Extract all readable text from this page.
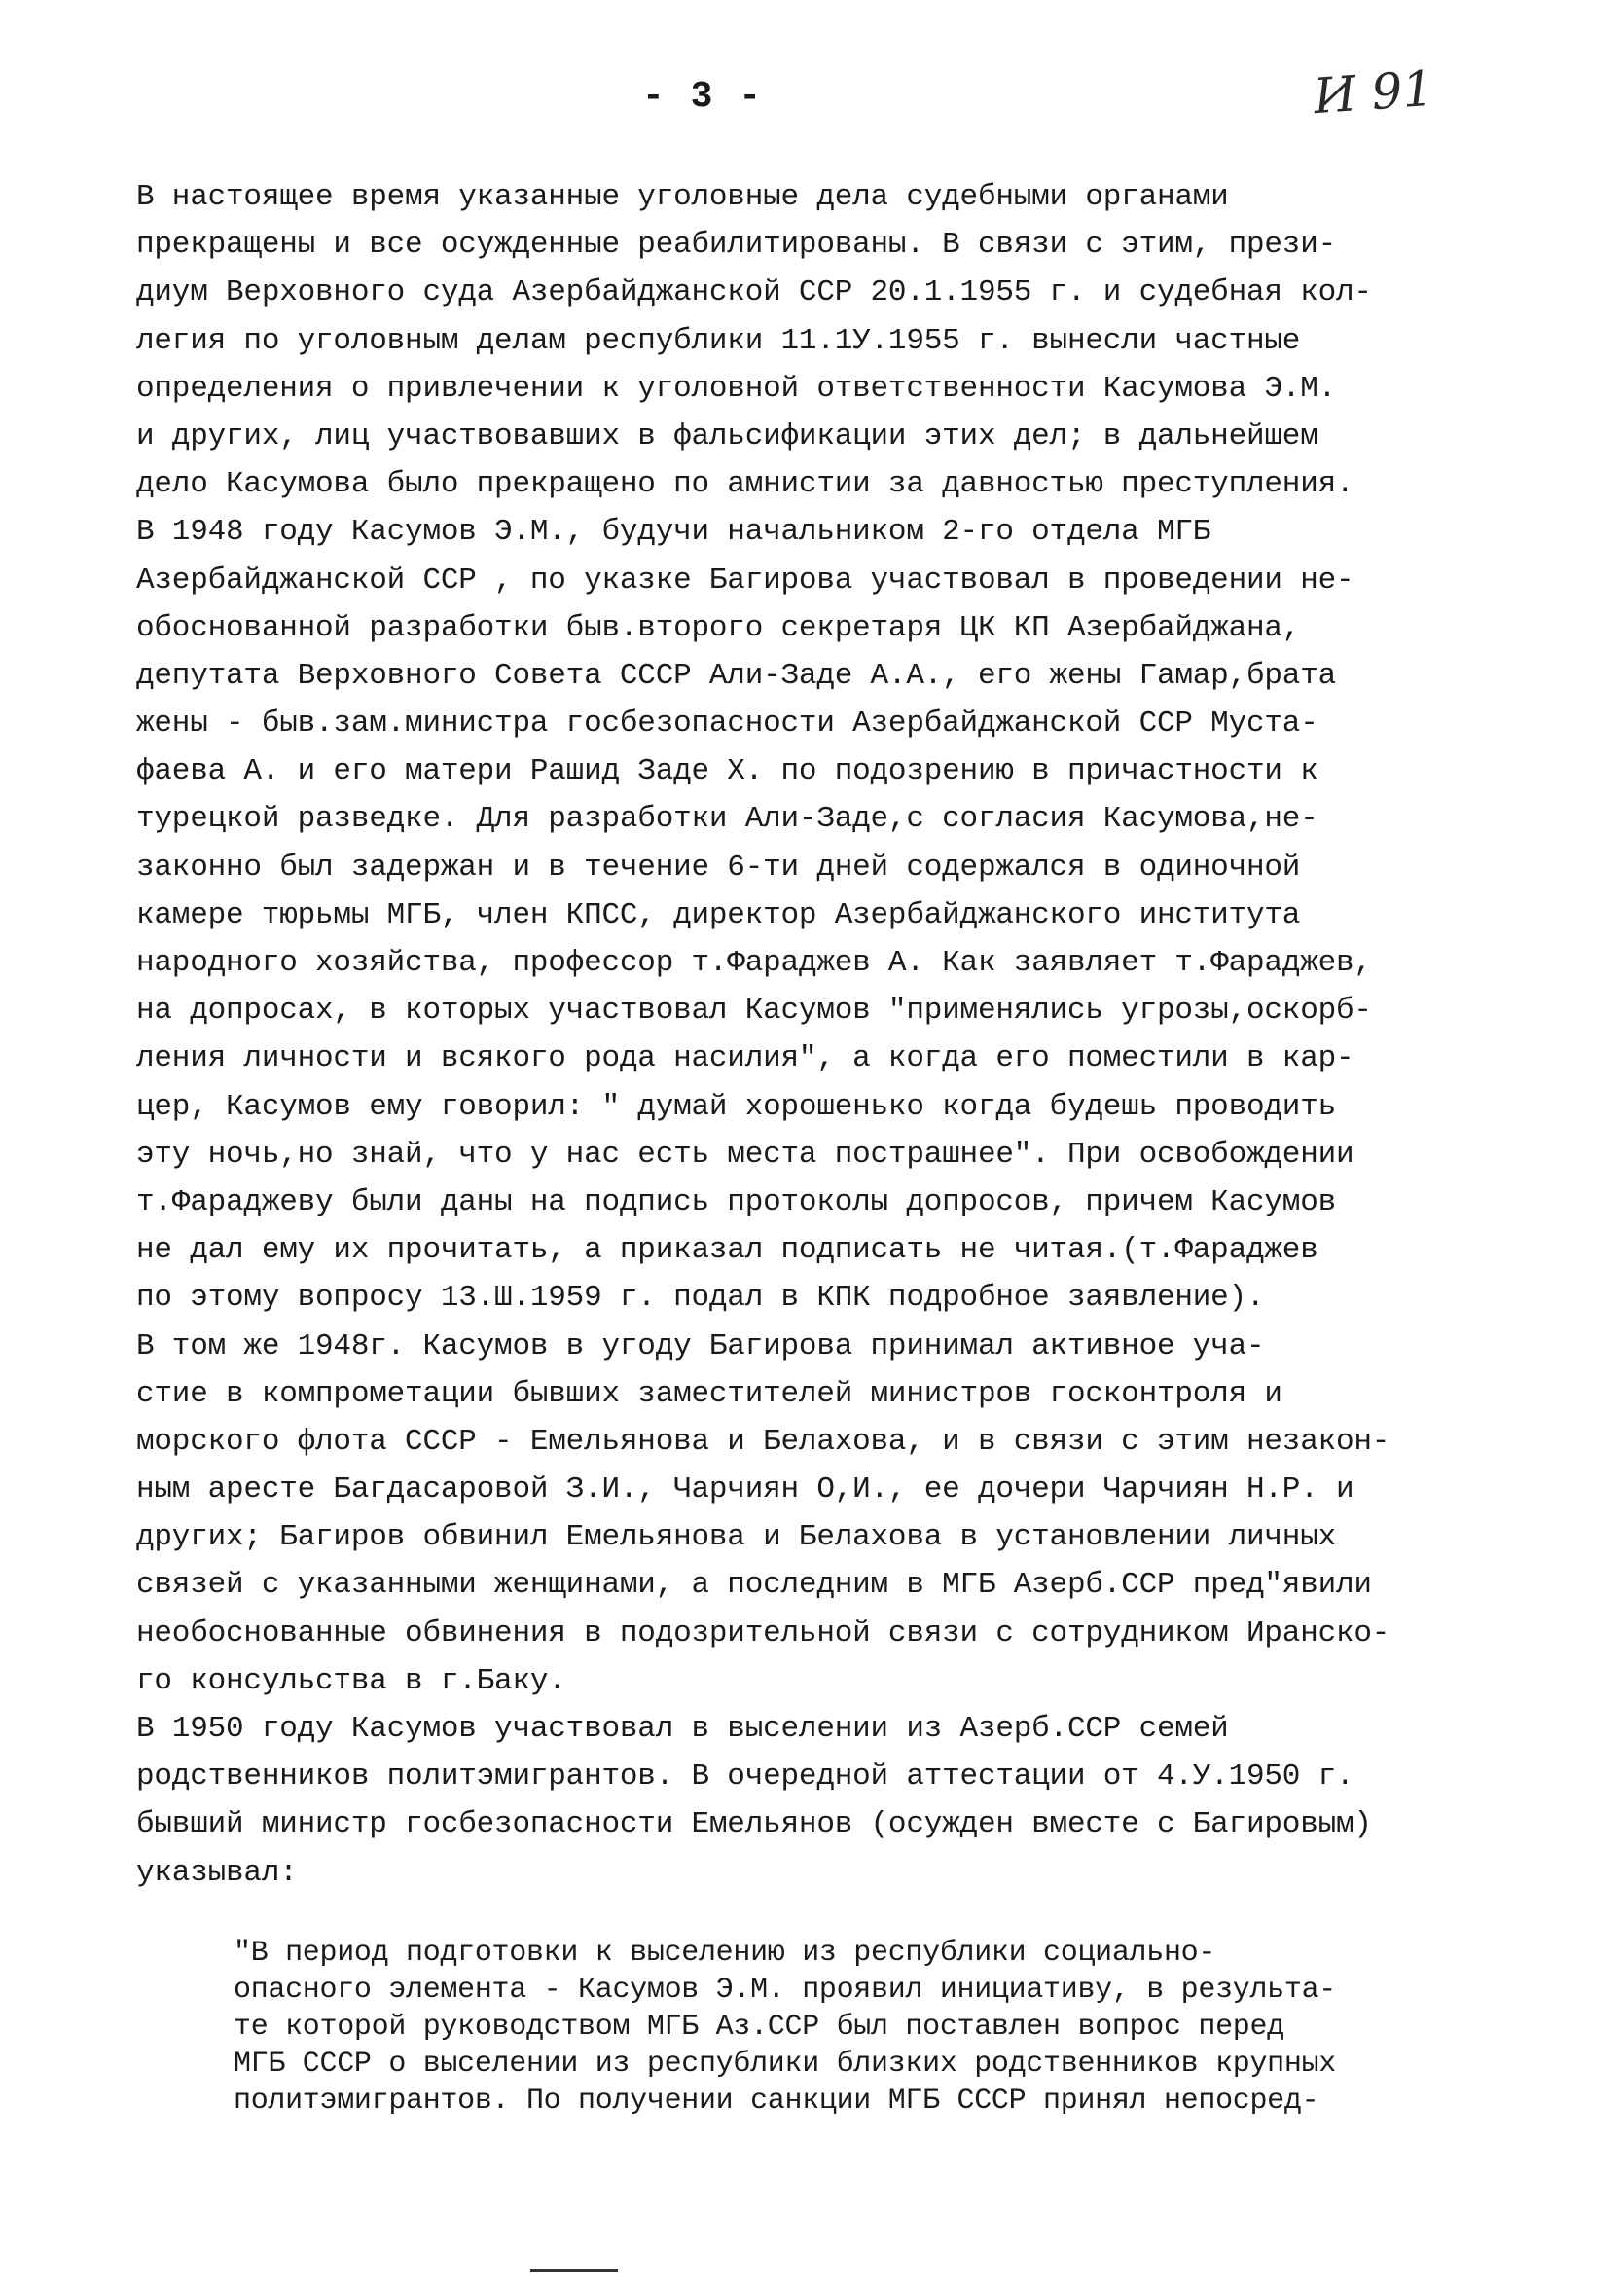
- 3 -	И 91
В настоящее время указанные уголовные дела судебными органами
прекращены и все осужденные реабилитированы. В связи с этим, прези-
диум Верховного суда Азербайджанской ССР 20.1.1955 г. и судебная кол-
легия по уголовным делам республики 11.1У.1955 г. вынесли частные
определения о привлечении к уголовной ответственности Касумова Э.М.
и других, лиц участвовавших в фальсификации этих дел; в дальнейшем
дело Касумова было прекращено по амнистии за давностью преступления.
В 1948 году Касумов Э.М., будучи начальником 2-го отдела МГБ
Азербайджанской ССР , по указке Багирова участвовал в проведении не-
обоснованной разработки быв.второго секретаря ЦК КП Азербайджана,
депутата Верховного Совета СССР Али-Заде А.А., его жены Гамар,брата
жены - быв.зам.министра госбезопасности Азербайджанской ССР Муста-
фаева А. и его матери Рашид Заде Х. по подозрению в причастности к
турецкой разведке. Для разработки Али-Заде,с согласия Касумова,не-
законно был задержан и в течение 6-ти дней содержался в одиночной
камере тюрьмы МГБ, член КПСС, директор Азербайджанского института
народного хозяйства, профессор т.Фараджев А. Как заявляет т.Фараджев,
на допросах, в которых участвовал Касумов "применялись угрозы,оскорб-
ления личности и всякого рода насилия", а когда его поместили в кар-
цер, Касумов ему говорил: " думай хорошенько когда будешь проводить
эту ночь,но знай, что у нас есть места пострашнее". При освобождении
т.Фараджеву были даны на подпись протоколы допросов, причем Касумов
не дал ему их прочитать, а приказал подписать не читая.(т.Фараджев
по этому вопросу 13.Ш.1959 г. подал в КПК подробное заявление).
В том же 1948г. Касумов в угоду Багирова принимал активное уча-
стие в компрометации бывших заместителей министров госконтроля и
морского флота СССР - Емельянова и Белахова, и в связи с этим незакон-
ным аресте Багдасаровой З.И., Чарчиян О,И., ее дочери Чарчиян Н.Р. и
других; Багиров обвинил Емельянова и Белахова в установлении личных
связей с указанными женщинами, а последним в МГБ Азерб.ССР пред"явили
необоснованные обвинения в подозрительной связи с сотрудником Иранско-
го консульства в г.Баку.
В 1950 году Касумов участвовал в выселении из Азерб.ССР семей
родственников политэмигрантов. В очередной аттестации от 4.У.1950 г.
бывший министр госбезопасности Емельянов (осужден вместе с Багировым)
указывал:
"В период подготовки к выселению из республики социально-
опасного элемента - Касумов Э.М. проявил инициативу, в результа-
те которой руководством МГБ Аз.ССР был поставлен вопрос перед
МГБ СССР о выселении из республики близких родственников крупных
политэмигрантов. По получении санкции МГБ СССР принял непосред-
